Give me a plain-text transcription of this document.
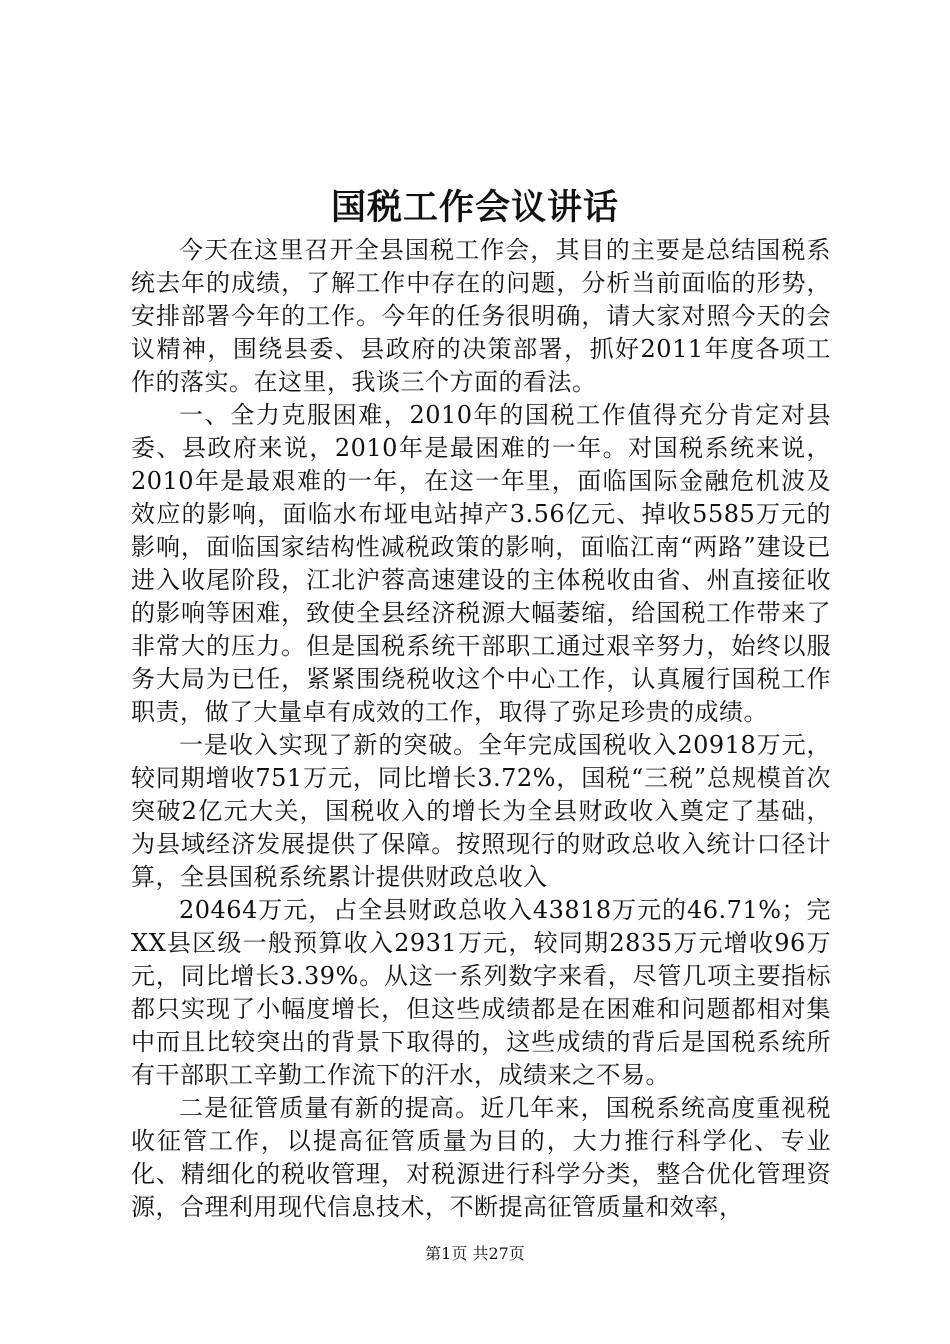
国税工作会议讲话

今天在这里召开全县国税工作会，其目的主要是总结国税系统去年的成绩，了解工作中存在的问题，分析当前面临的形势，安排部署今年的工作。今年的任务很明确，请大家对照今天的会议精神，围绕县委、县政府的决策部署，抓好2011年度各项工作的落实。在这里，我谈三个方面的看法。

一、全力克服困难，2010年的国税工作值得充分肯定对县委、县政府来说，2010年是最困难的一年。对国税系统来说，2010年是最艰难的一年，在这一年里，面临国际金融危机波及效应的影响，面临水布垭电站掉产3.56亿元、掉收5585万元的影响，面临国家结构性减税政策的影响，面临江南“两路”建设已进入收尾阶段，江北沪蓉高速建设的主体税收由省、州直接征收的影响等困难，致使全县经济税源大幅萎缩，给国税工作带来了非常大的压力。但是国税系统干部职工通过艰辛努力，始终以服务大局为已任，紧紧围绕税收这个中心工作，认真履行国税工作职责，做了大量卓有成效的工作，取得了弥足珍贵的成绩。

一是收入实现了新的突破。全年完成国税收入20918万元，较同期增收751万元，同比增长3.72%，国税“三税”总规模首次突破2亿元大关，国税收入的增长为全县财政收入奠定了基础，为县域经济发展提供了保障。按照现行的财政总收入统计口径计算，全县国税系统累计提供财政总收入

20464万元，占全县财政总收入43818万元的46.71%；完XX县区级一般预算收入2931万元，较同期2835万元增收96万元，同比增长3.39%。从这一系列数字来看，尽管几项主要指标都只实现了小幅度增长，但这些成绩都是在困难和问题都相对集中而且比较突出的背景下取得的，这些成绩的背后是国税系统所有干部职工辛勤工作流下的汗水，成绩来之不易。

二是征管质量有新的提高。近几年来，国税系统高度重视税收征管工作，以提高征管质量为目的，大力推行科学化、专业化、精细化的税收管理，对税源进行科学分类，整合优化管理资源，合理利用现代信息技术，不断提高征管质量和效率，

第1页 共27页
